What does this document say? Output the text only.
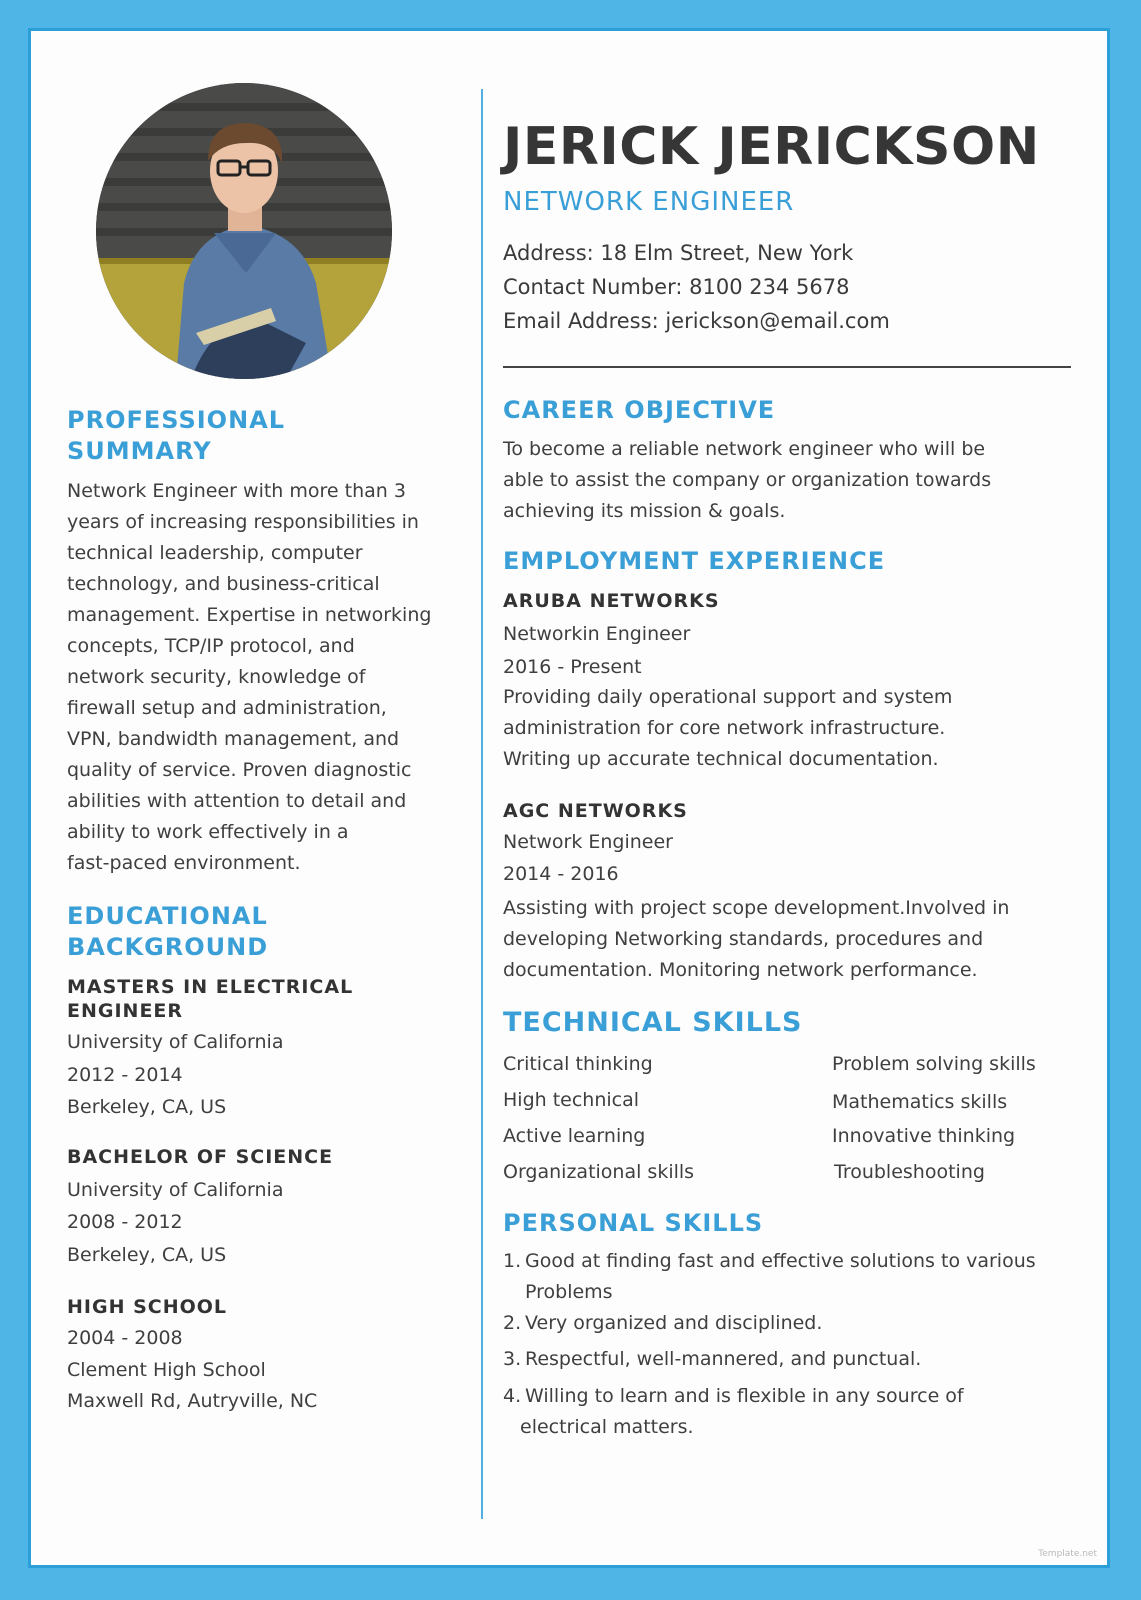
JERICK JERICKSON
NETWORK ENGINEER
Address: 18 Elm Street, New York
Contact Number: 8100 234 5678
Email Address: jerickson@email.com
PROFESSIONAL
SUMMARY
Network Engineer with more than 3
years of increasing responsibilities in
technical leadership, computer
technology, and business-critical
management. Expertise in networking
concepts, TCP/IP protocol, and
network security, knowledge of
firewall setup and administration,
VPN, bandwidth management, and
quality of service. Proven diagnostic
abilities with attention to detail and
ability to work effectively in a
fast-paced environment.
EDUCATIONAL
BACKGROUND
MASTERS IN ELECTRICAL
ENGINEER
University of California
2012 - 2014
Berkeley, CA, US
BACHELOR OF SCIENCE
University of California
2008 - 2012
Berkeley, CA, US
HIGH SCHOOL
2004 - 2008
Clement High School
Maxwell Rd, Autryville, NC
CAREER OBJECTIVE
To become a reliable network engineer who will be
able to assist the company or organization towards
achieving its mission & goals.
EMPLOYMENT EXPERIENCE
ARUBA NETWORKS
Networkin Engineer
2016 - Present
Providing daily operational support and system
administration for core network infrastructure.
Writing up accurate technical documentation.
AGC NETWORKS
Network Engineer
2014 - 2016
Assisting with project scope development.Involved in
developing Networking standards, procedures and
documentation. Monitoring network performance.
TECHNICAL SKILLS
Critical thinking
High technical
Active learning
Organizational skills
Problem solving skills
Mathematics skills
Innovative thinking
Troubleshooting
PERSONAL SKILLS
1. Good at finding fast and effective solutions to various
Problems
2. Very organized and disciplined.
3. Respectful, well-mannered, and punctual.
4. Willing to learn and is flexible in any source of
electrical matters.
Template.net
